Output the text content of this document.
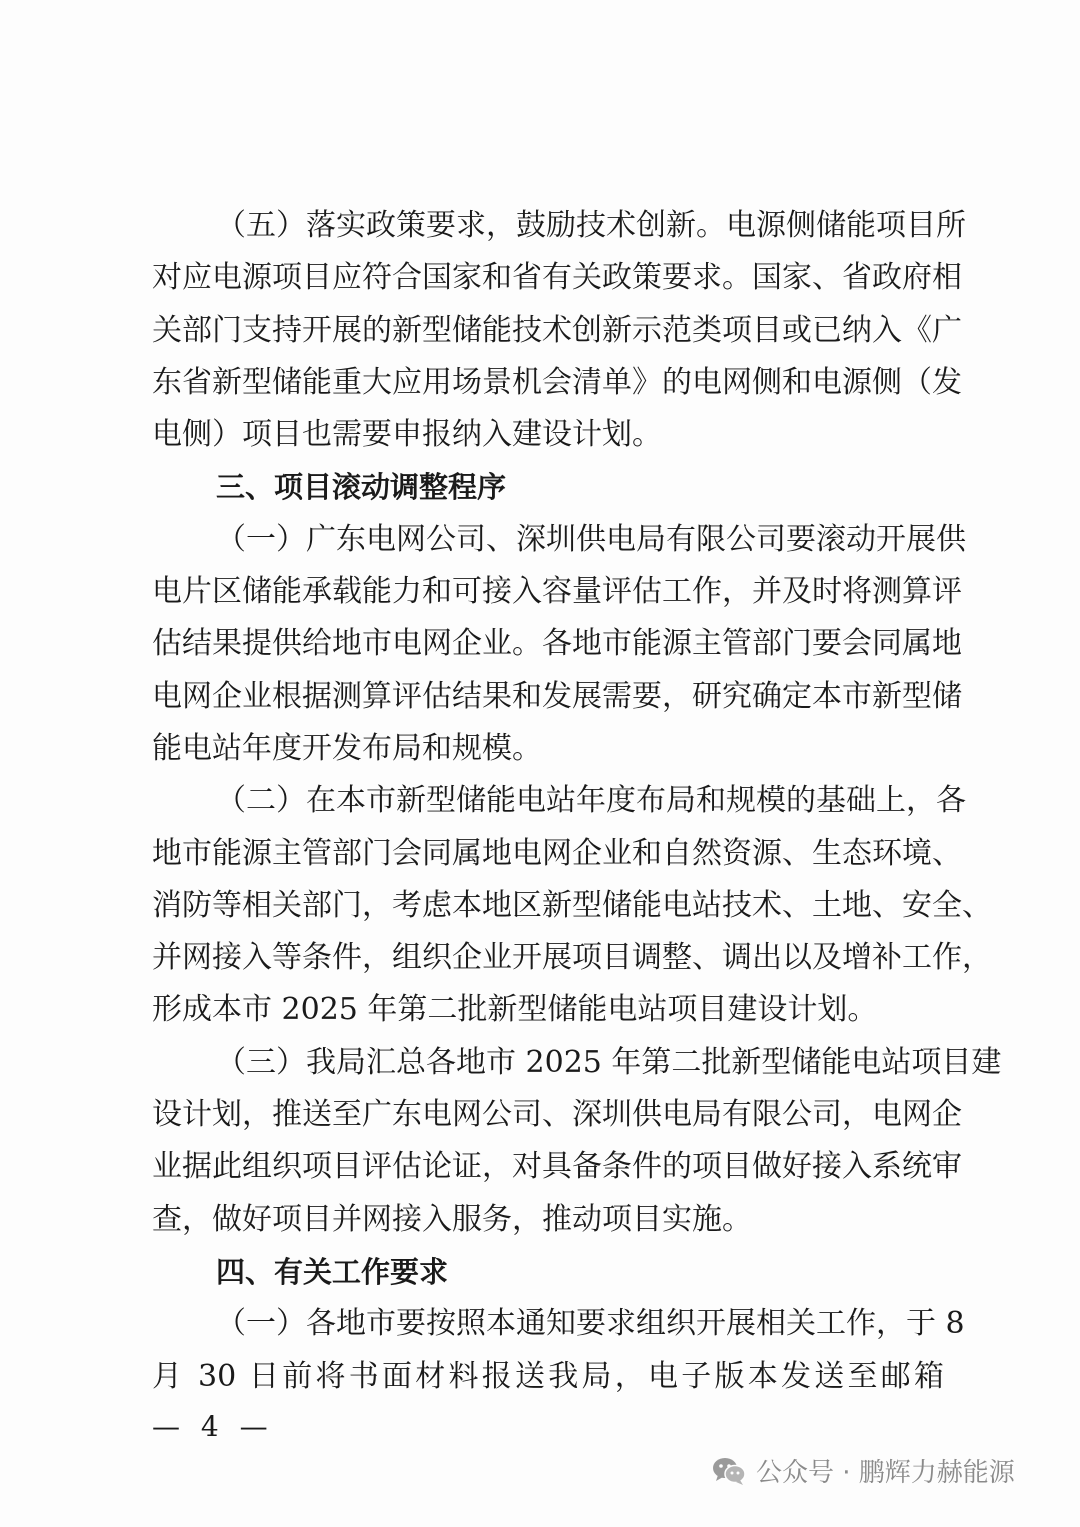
（五）落实政策要求，鼓励技术创新。电源侧储能项目所
对应电源项目应符合国家和省有关政策要求。国家、省政府相
关部门支持开展的新型储能技术创新示范类项目或已纳入《广
东省新型储能重大应用场景机会清单》的电网侧和电源侧（发
电侧）项目也需要申报纳入建设计划。
三、项目滚动调整程序
（一）广东电网公司、深圳供电局有限公司要滚动开展供
电片区储能承载能力和可接入容量评估工作，并及时将测算评
估结果提供给地市电网企业。各地市能源主管部门要会同属地
电网企业根据测算评估结果和发展需要，研究确定本市新型储
能电站年度开发布局和规模。
（二）在本市新型储能电站年度布局和规模的基础上，各
地市能源主管部门会同属地电网企业和自然资源、生态环境、
消防等相关部门，考虑本地区新型储能电站技术、土地、安全、
并网接入等条件，组织企业开展项目调整、调出以及增补工作，
形成本市 2025 年第二批新型储能电站项目建设计划。
（三）我局汇总各地市 2025 年第二批新型储能电站项目建
设计划，推送至广东电网公司、深圳供电局有限公司，电网企
业据此组织项目评估论证，对具备条件的项目做好接入系统审
查，做好项目并网接入服务，推动项目实施。
四、有关工作要求
（一）各地市要按照本通知要求组织开展相关工作，于 8
月 30 日前将书面材料报送我局，电子版本发送至邮箱
— 4 —
公众号 · 鹏辉力赫能源
